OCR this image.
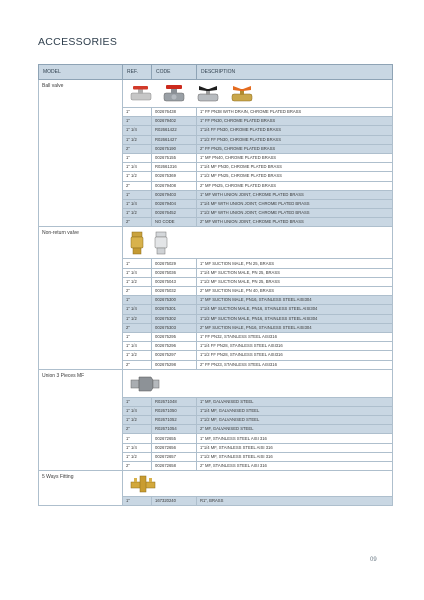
ACCESSORIES
MODEL	REF.	CODE	DESCRIPTION

Ball valve

	1"	002676438	1" FF PN38 WITH DRAIN, CHROME PLATED BRASS
	1"	002679402	1" FF PN30, CHROME PLATED BRASS
	1" 1/4	R02661422	1"1/4 FF PN30, CHROME PLATED BRASS
	1" 1/2	R02661427	1"1/2 FF PN30, CHROME PLATED BRASS
	2"	002675190	2" FF PN25, CHROME PLATED BRASS
	1"	002675155	1" MF PN40, CHROME PLATED BRASS
	1" 1/4	R02661316	1"1/4 MF PN30, CHROME PLATED BRASS
	1" 1/2	002675369	1"1/2 MF PN25, CHROME PLATED BRASS
	2"	002679408	2" MF PN25, CHROME PLATED BRASS
	1"	002679403	1" MF WITH UNION JOINT, CHROME PLATED BRASS
	1" 1/4	002679404	1"1/4 MF WITH UNION JOINT, CHROME PLATED BRASS
	1" 1/2	002676452	1"1/2 MF WITH UNION JOINT, CHROME PLATED BRASS
	2"	NO CODE	2" MF WITH UNION JOINT, CHROME PLATED BRASS

Non-return valve

	1"	002675029	1" MF SUCTION MALE, PN 25, BRASS
	1" 1/4	002675036	1"1/4 MF SUCTION MALE, PN 25, BRASS
	1" 1/2	002675043	1"1/2 MF SUCTION MALE, PN 25, BRASS
	2"	002675032	2" MF SUCTION MALE, PN 40, BRASS
	1"	002675300	1" MF SUCTION MALE, PN16, STAINLESS STEEL AISI304
	1" 1/4	002675301	1"1/4 MF SUCTION MALE, PN16, STAINLESS STEEL AISI304
	1" 1/2	002675302	1"1/2 MF SUCTION MALE, PN16, STAINLESS STEEL AISI304
	2"	002675303	2" MF SUCTION MALE, PN16, STAINLESS STEEL AISI304
	1"	002675295	1" FF PN32, STAINLESS STEEL AISI316
	1" 1/4	002675296	1"1/4 FF PN28, STAINLESS STEEL AISI316
	1" 1/2	002675297	1"1/2 FF PN28, STAINLESS STEEL AISI316
	2"	002675298	2" FF PN23, STAINLESS STEEL AISI316

Union 3 Pieces MF

	1"	R02671048	1" MF, GALVANISED STEEL
	1" 1/4	R02671050	1"1/4 MF, GALVANISED STEEL
	1" 1/2	R02671052	1"1/2 MF, GALVANISED STEEL
	2"	R02671054	2" MF, GALVANISED STEEL
	1"	002672655	1" MF, STAINLESS STEEL AISI 316
	1" 1/4	002672656	1"1/4 MF, STAINLESS STEEL AISI 316
	1" 1/2	002672657	1"1/2 MF, STAINLESS STEEL AISI 316
	2"	002672658	2" MF, STAINLESS STEEL AISI 316

5 Ways Fitting

	1"	167320240	R1", BRASS
09
